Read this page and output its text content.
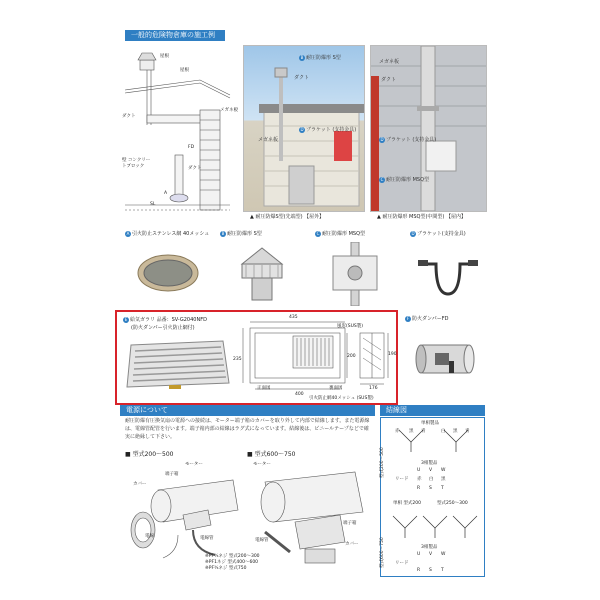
一般的危険物倉庫の施工例
屋根
屋根
ダクト
メガネ板
FD
ダクト
壁 コンクリートブロック
SL
A
B 耐圧防爆形 S型
ダクト
メガネ板
D ブラケット (支持金具)
▲ 耐圧防爆S型(先端型) 【屋外】
メガネ板
ダクト
D ブラケット (支持金具)
C 耐圧防爆形 MSQ型
▲ 耐圧防爆形 MSQ型(中間型) 【屋内】
A 引火防止ステンレス網 40メッシュ	B 耐圧防爆形 S型	C 耐圧防爆形 MSQ型	D ブラケット(支持金具)
E 給気ガラリ 品番：SV-G2040NFD
(防火ダンパー引火防止網付)
435
235
200
400
176
190
正面図	裏面図
引火防止網40メッシュ (SUS製)
風窓(SUS製)
F 防火ダンパーFD
電源について
耐圧防爆有圧換気扇の電源への接続は、モーター端子箱のカバーを取り外して内部で結線します。また電源線は、電線管配管を行います。端子箱内部の結線はラグ式になっています。結線後は、ビニールテープなどで確実に絶縁して下さい。
■ 型式200〜500	■ 型式600〜750
モーター
端子箱
カバー
電線	電線管
モーター
端子箱
カバー
電線管
※PF¾ネジ 型式200〜300
※PF1ネジ 型式400〜600
※PF¾ネジ 型式750
結線図
型式200〜500
型式600〜750
単相製品
赤 黒 青	白 黒 青
3相製品
U V W
リード 赤 白 黒
R S T
単相 型式200	型式250〜300
3相製品
U V W
リード
R S T
